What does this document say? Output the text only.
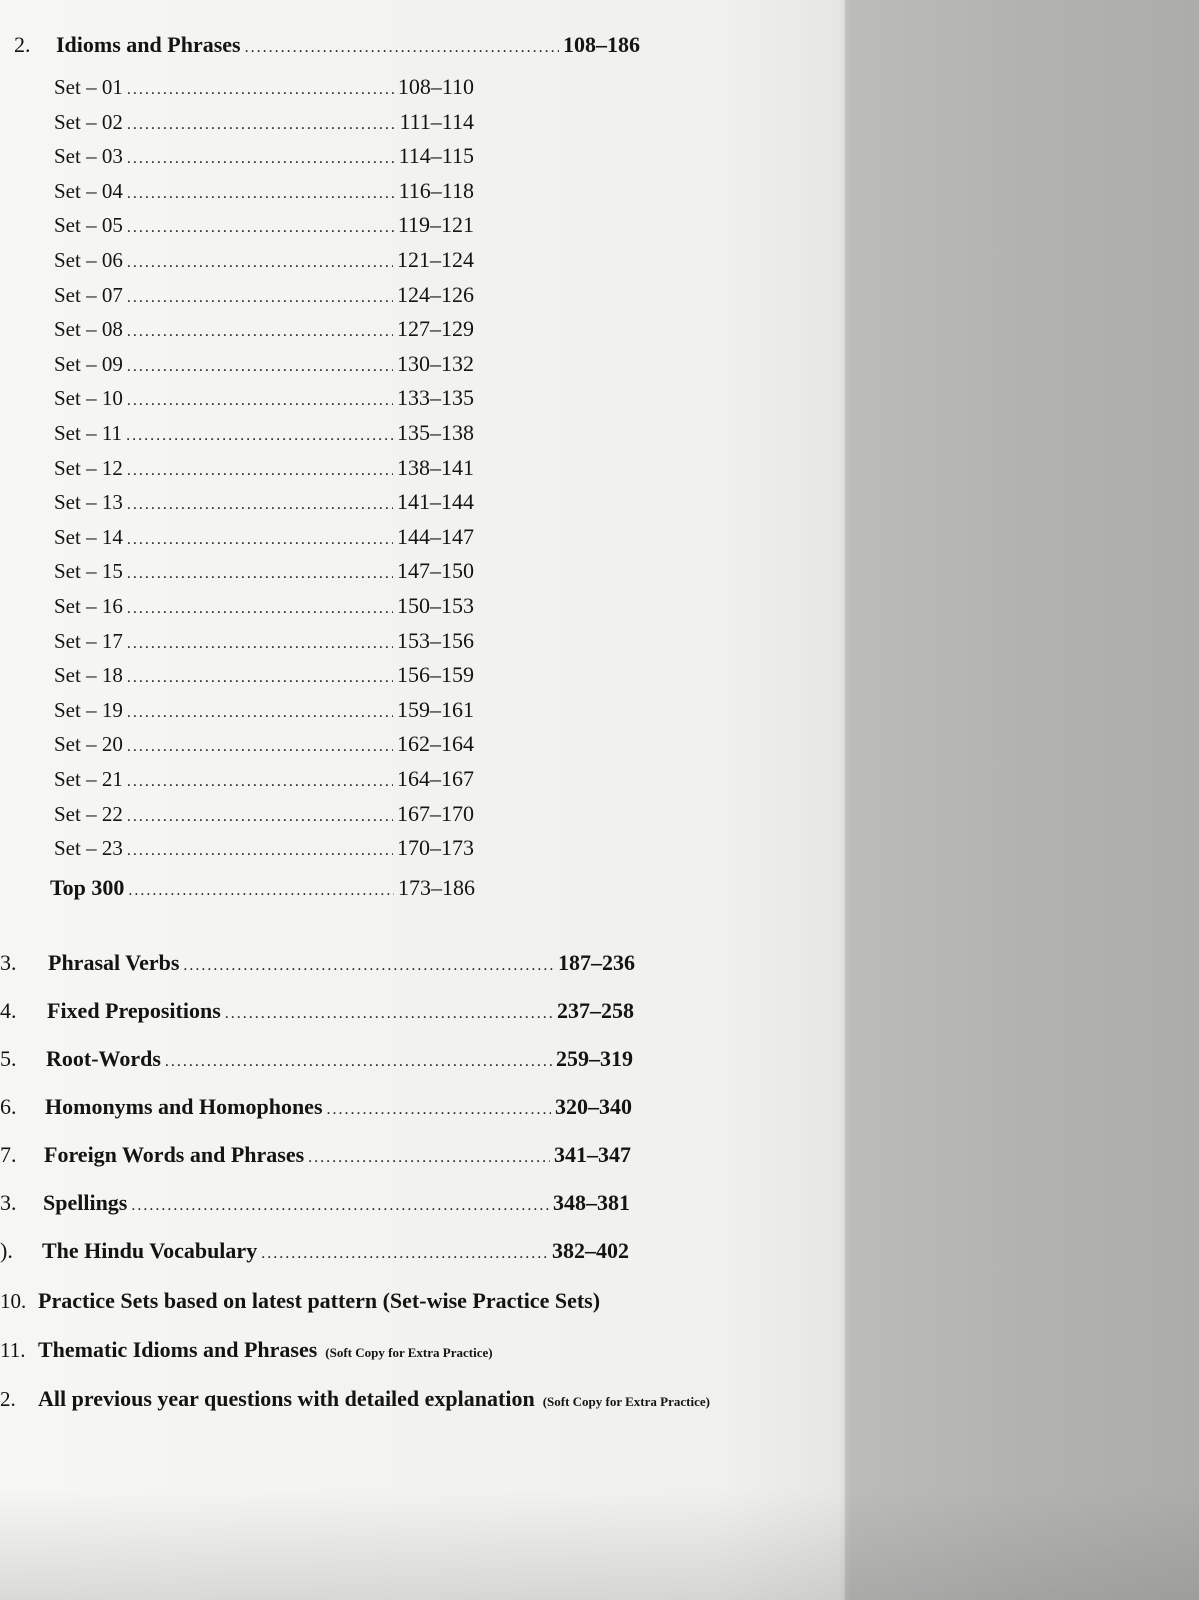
2.	Idioms and Phrases .....	108–186
Set – 01 .....	108–110
Set – 02 .....	111–114
Set – 03 .....	114–115
Set – 04 .....	116–118
Set – 05 .....	119–121
Set – 06 .....	121–124
Set – 07 .....	124–126
Set – 08 .....	127–129
Set – 09 .....	130–132
Set – 10 .....	133–135
Set – 11 .....	135–138
Set – 12 .....	138–141
Set – 13 .....	141–144
Set – 14 .....	144–147
Set – 15 .....	147–150
Set – 16 .....	150–153
Set – 17 .....	153–156
Set – 18 .....	156–159
Set – 19 .....	159–161
Set – 20 .....	162–164
Set – 21 .....	164–167
Set – 22 .....	167–170
Set – 23 .....	170–173
Top 300 .....	173–186
3.	Phrasal Verbs .....	187–236
4.	Fixed Prepositions .....	237–258
5.	Root-Words .....	259–319
6.	Homonyms and Homophones .....	320–340
7.	Foreign Words and Phrases .....	341–347
3.	Spellings .....	348–381
).	The Hindu Vocabulary .....	382–402
10. Practice Sets based on latest pattern (Set-wise Practice Sets)
11. Thematic Idioms and Phrases (Soft Copy for Extra Practice)
2.	All previous year questions with detailed explanation (Soft Copy for Extra Practice)
